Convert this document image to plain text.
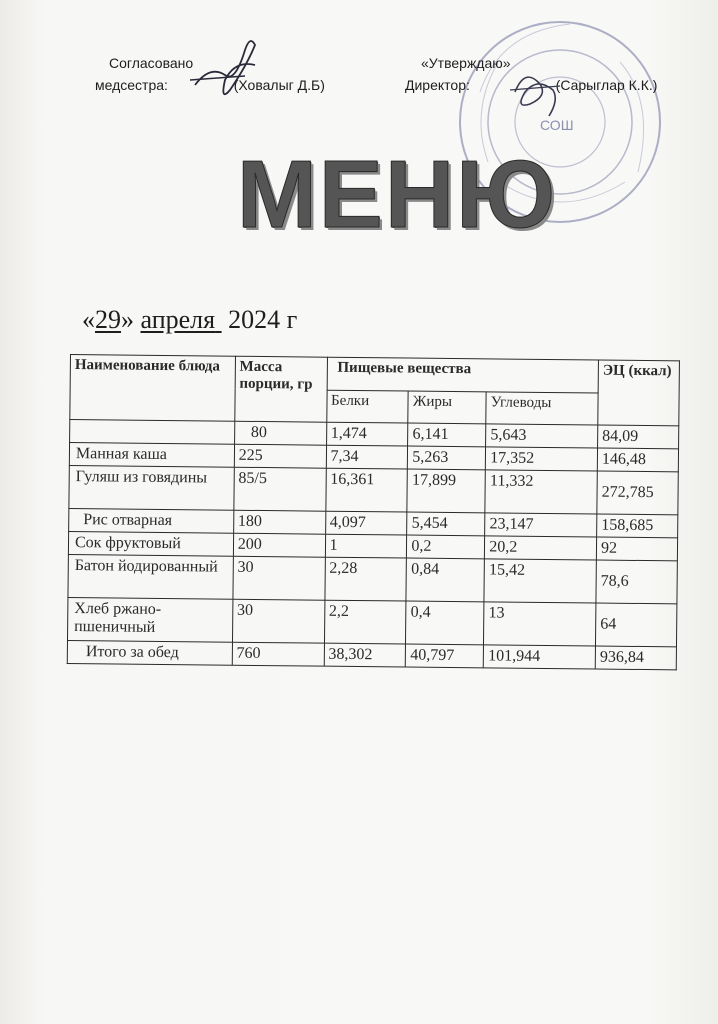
СОШ
Согласовано
медсестра:	(Ховалыг Д.Б)
«Утверждаю»
Директор:	(Сарыглар К.К.)
МЕНЮ
«29» апреля 2024 г
Наименование блюда	Масса порции, гр	Пищевые вещества			ЭЦ (ккал)
		Белки	Жиры	Углеводы	
	80	1,474	6,141	5,643	84,09
Манная каша	225	7,34	5,263	17,352	146,48
Гуляш из говядины	85/5	16,361	17,899	11,332	272,785
Рис отварная	180	4,097	5,454	23,147	158,685
Сок фруктовый	200	1	0,2	20,2	92
Батон йодированный	30	2,28	0,84	15,42	78,6
Хлеб ржано-пшеничный	30	2,2	0,4	13	64
Итого за обед	760	38,302	40,797	101,944	936,84
